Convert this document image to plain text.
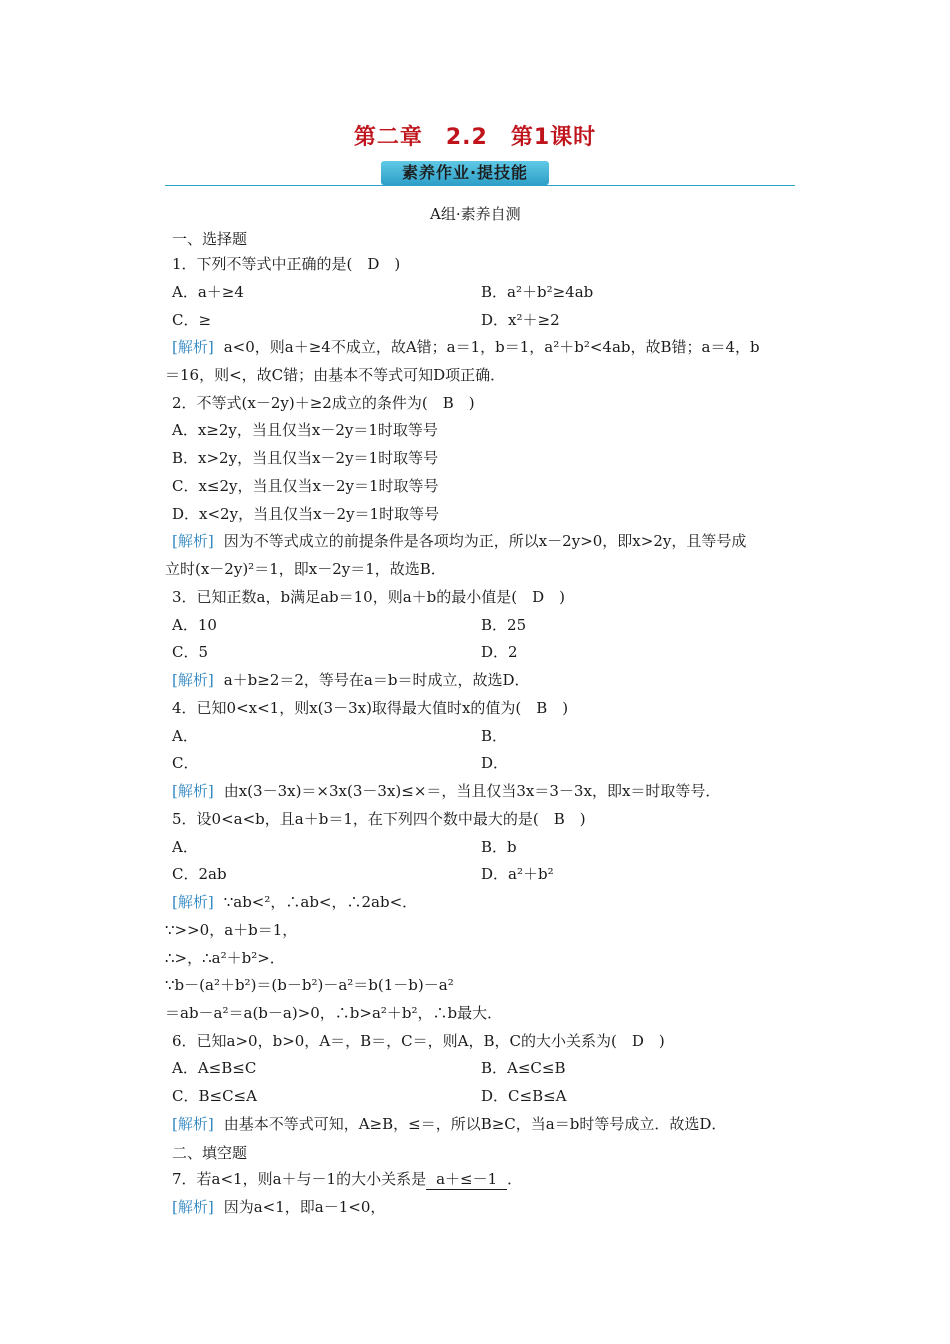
第二章　2.2　第1课时
素养作业·提技能
A组·素养自测
一、选择题
1．下列不等式中正确的是(　D　)
A．a＋≥4	B．a²＋b²≥4ab
C．≥	D．x²＋≥2
[解析] a<0，则a＋≥4不成立，故A错；a＝1，b＝1，a²＋b²<4ab，故B错；a＝4，b
＝16，则<，故C错；由基本不等式可知D项正确．
2．不等式(x－2y)＋≥2成立的条件为(　B　)
A．x≥2y，当且仅当x－2y＝1时取等号
B．x>2y，当且仅当x－2y＝1时取等号
C．x≤2y，当且仅当x－2y＝1时取等号
D．x<2y，当且仅当x－2y＝1时取等号
[解析] 因为不等式成立的前提条件是各项均为正，所以x－2y>0，即x>2y，且等号成
立时(x－2y)²＝1，即x－2y＝1，故选B．
3．已知正数a，b满足ab＝10，则a＋b的最小值是(　D　)
A．10	B．25
C．5	D．2
[解析] a＋b≥2＝2，等号在a＝b＝时成立，故选D．
4．已知0<x<1，则x(3－3x)取得最大值时x的值为(　B　)
A．	B．
C．	D．
[解析] 由x(3－3x)＝×3x(3－3x)≤×＝，当且仅当3x＝3－3x，即x＝时取等号．
5．设0<a<b，且a＋b＝1，在下列四个数中最大的是(　B　)
A．	B．b
C．2ab	D．a²＋b²
[解析] ∵ab<²，∴ab<，∴2ab<．
∵>>0，a＋b＝1，
∴>，∴a²＋b²>．
∵b－(a²＋b²)＝(b－b²)－a²＝b(1－b)－a²
＝ab－a²＝a(b－a)>0，∴b>a²＋b²，∴b最大．
6．已知a>0，b>0，A＝，B＝，C＝，则A，B，C的大小关系为(　D　)
A．A≤B≤C	B．A≤C≤B
C．B≤C≤A	D．C≤B≤A
[解析] 由基本不等式可知，A≥B，≤＝，所以B≥C，当a＝b时等号成立．故选D．
二、填空题
7．若a<1，则a＋与－1的大小关系是 a＋≤－1 ．
[解析] 因为a<1，即a－1<0，
